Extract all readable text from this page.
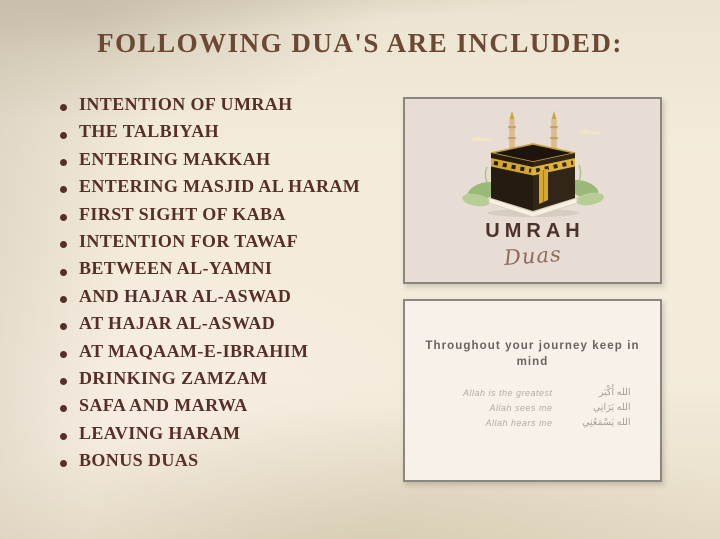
FOLLOWING DUA'S ARE INCLUDED:
INTENTION OF UMRAH
THE TALBIYAH
ENTERING MAKKAH
ENTERING MASJID AL HARAM
FIRST SIGHT OF KABA
INTENTION FOR TAWAF
BETWEEN AL-YAMNI
AND HAJAR AL-ASWAD
AT HAJAR AL-ASWAD
AT MAQAAM-E-IBRAHIM
DRINKING ZAMZAM
SAFA AND MARWA
LEAVING HARAM
BONUS DUAS
UMRAH
Duas
Throughout your journey keep in mind
Allah is the greatest	الله أَكْبَر
Allah sees me	الله يَرَانِي
Allah hears me	الله يَسْمَعُنِي
